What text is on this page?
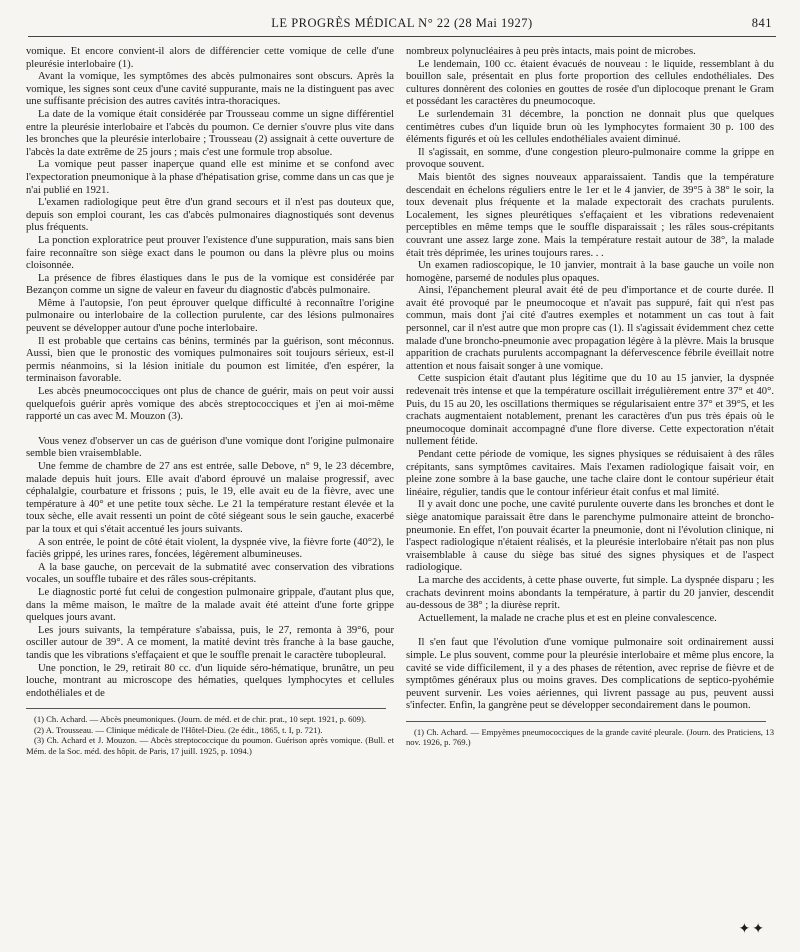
LE PROGRÈS MÉDICAL N° 22 (28 Mai 1927)	841

vomique. Et encore convient-il alors de différencier cette vomique de celle d'une pleurésie interlobaire (1).

Avant la vomique, les symptômes des abcès pulmonaires sont obscurs. Après la vomique, les signes sont ceux d'une cavité suppurante, mais ne la distinguent pas avec une suffisante précision des autres cavités intra-thoraciques.

La date de la vomique était considérée par Trousseau comme un signe différentiel entre la pleurésie interlobaire et l'abcès du poumon. Ce dernier s'ouvre plus vite dans les bronches que la pleurésie interlobaire ; Trousseau (2) assignait à cette ouverture de l'abcès la date extrême de 25 jours ; mais c'est une formule trop absolue.

La vomique peut passer inaperçue quand elle est minime et se confond avec l'expectoration pneumonique à la phase d'hépatisation grise, comme dans un cas que je n'ai publié en 1921.

L'examen radiologique peut être d'un grand secours et il n'est pas douteux que, depuis son emploi courant, les cas d'abcès pulmonaires diagnostiqués sont devenus plus fréquents.

La ponction exploratrice peut prouver l'existence d'une suppuration, mais sans bien faire reconnaître son siège exact dans le poumon ou dans la plèvre plus ou moins cloisonnée.

La présence de fibres élastiques dans le pus de la vomique est considérée par Bezançon comme un signe de valeur en faveur du diagnostic d'abcès pulmonaire.

Même à l'autopsie, l'on peut éprouver quelque difficulté à reconnaître l'origine pulmonaire ou interlobaire de la collection purulente, car des lésions pulmonaires peuvent se développer autour d'une poche interlobaire.

Il est probable que certains cas bénins, terminés par la guérison, sont méconnus. Aussi, bien que le pronostic des vomiques pulmonaires soit toujours sérieux, est-il permis néanmoins, si la lésion initiale du poumon est limitée, d'en espérer, la terminaison favorable.

Les abcès pneumococciques ont plus de chance de guérir, mais on peut voir aussi quelquefois guérir après vomique des abcès streptococciques et j'en ai moi-même rapporté un cas avec M. Mouzon (3).

Vous venez d'observer un cas de guérison d'une vomique dont l'origine pulmonaire semble bien vraisemblable.

Une femme de chambre de 27 ans est entrée, salle Debove, n° 9, le 23 décembre, malade depuis huit jours. Elle avait d'abord éprouvé un malaise progressif, avec céphalalgie, courbature et frissons ; puis, le 19, elle avait eu de la fièvre, avec une température à 40° et une petite toux sèche. Le 21 la température restant élevée et la toux sèche, elle avait ressenti un point de côté siégeant sous le sein gauche, exacerbé par la toux et qui s'était accentué les jours suivants.

A son entrée, le point de côté était violent, la dyspnée vive, la fièvre forte (40°2), le faciès grippé, les urines rares, foncées, légèrement albumineuses.

A la base gauche, on percevait de la submatité avec conservation des vibrations vocales, un souffle tubaire et des râles sous-crépitants.

Le diagnostic porté fut celui de congestion pulmonaire grippale, d'autant plus que, dans la même maison, le maître de la malade avait été atteint d'une forte grippe quelques jours avant.

Les jours suivants, la température s'abaissa, puis, le 27, remonta à 39°6, pour osciller autour de 39°. A ce moment, la matité devint très franche à la base gauche, tandis que les vibrations s'effaçaient et que le souffle prenait le caractère tubopleural.

Une ponction, le 29, retirait 80 cc. d'un liquide séro-hématique, brunâtre, un peu louche, montrant au microscope des hématies, quelques lymphocytes et cellules endothéliales et de

(1) Ch. Achard. — Abcès pneumoniques. (Journ. de méd. et de chir. prat., 10 sept. 1921, p. 609).

(2) A. Trousseau. — Clinique médicale de l'Hôtel-Dieu. (2e édit., 1865, t. I, p. 721).

(3) Ch. Achard et J. Mouzon. — Abcès streptococcique du poumon. Guérison après vomique. (Bull. et Mém. de la Soc. méd. des hôpit. de Paris, 17 juill. 1925, p. 1094.)

nombreux polynucléaires à peu près intacts, mais point de microbes.

Le lendemain, 100 cc. étaient évacués de nouveau : le liquide, ressemblant à du bouillon sale, présentait en plus forte proportion des cellules endothéliales. Des cultures donnèrent des colonies en gouttes de rosée d'un diplocoque prenant le Gram et possédant les caractères du pneumocoque.

Le surlendemain 31 décembre, la ponction ne donnait plus que quelques centimètres cubes d'un liquide brun où les lymphocytes formaient 30 p. 100 des éléments figurés et où les cellules endothéliales avaient diminué.

Il s'agissait, en somme, d'une congestion pleuro-pulmonaire comme la grippe en provoque souvent.

Mais bientôt des signes nouveaux apparaissaient. Tandis que la température descendait en échelons réguliers entre le 1er et le 4 janvier, de 39°5 à 38° le soir, la toux devenait plus fréquente et la malade expectorait des crachats purulents. Localement, les signes pleurétiques s'effaçaient et les vibrations redevenaient perceptibles en même temps que le souffle disparaissait ; les râles sous-crépitants couvrant une assez large zone. Mais la température restait autour de 38°, la malade était très déprimée, les urines toujours rares. . .

Un examen radioscopique, le 10 janvier, montrait à la base gauche un voile non homogène, parsemé de nodules plus opaques.

Ainsi, l'épanchement pleural avait été de peu d'importance et de courte durée. Il avait été provoqué par le pneumocoque et n'avait pas suppuré, fait qui n'est pas commun, mais dont j'ai cité d'autres exemples et notamment un cas tout à fait personnel, car il n'est autre que mon propre cas (1). Il s'agissait évidemment chez cette malade d'une broncho-pneumonie avec propagation légère à la plèvre. Mais la brusque apparition de crachats purulents accompagnant la défervescence fébrile éveillait notre attention et nous faisait songer à une vomique.

Cette suspicion était d'autant plus légitime que du 10 au 15 janvier, la dyspnée redevenait très intense et que la température oscillait irrégulièrement entre 37° et 40°. Puis, du 15 au 20, les oscillations thermiques se régularisaient entre 37° et 39°5, et les crachats augmentaient notablement, prenant les caractères d'un pus très épais où le pneumocoque dominait accompagné d'une flore diverse. Cette expectoration n'était nullement fétide.

Pendant cette période de vomique, les signes physiques se réduisaient à des râles crépitants, sans symptômes cavitaires. Mais l'examen radiologique faisait voir, en pleine zone sombre à la base gauche, une tache claire dont le contour supérieur était linéaire, régulier, tandis que le contour inférieur était confus et mal limité.

Il y avait donc une poche, une cavité purulente ouverte dans les bronches et dont le siège anatomique paraissait être dans le parenchyme pulmonaire atteint de broncho-pneumonie. En effet, l'on pouvait écarter la pneumonie, dont ni l'évolution clinique, ni l'aspect radiologique n'étaient réalisés, et la pleurésie interlobaire n'était pas non plus vraisemblable à cause du siège bas situé des signes physiques et de l'aspect radiologique.

La marche des accidents, à cette phase ouverte, fut simple. La dyspnée disparu ; les crachats devinrent moins abondants la température, à partir du 20 janvier, descendit au-dessous de 38° ; la diurèse reprit.

Actuellement, la malade ne crache plus et est en pleine convalescence.

Il s'en faut que l'évolution d'une vomique pulmonaire soit ordinairement aussi simple. Le plus souvent, comme pour la pleurésie interlobaire et même plus encore, la cavité se vide difficilement, il y a des phases de rétention, avec reprise de fièvre et de symptômes généraux plus ou moins graves. Des complications de septico-pyohémie peuvent survenir. Les voies aériennes, qui livrent passage au pus, peuvent aussi s'infecter. Enfin, la gangrène peut se développer secondairement dans le poumon.

(1) Ch. Achard. — Empyèmes pneumococciques de la grande cavité pleurale. (Journ. des Praticiens, 13 nov. 1926, p. 769.)

✦✦
